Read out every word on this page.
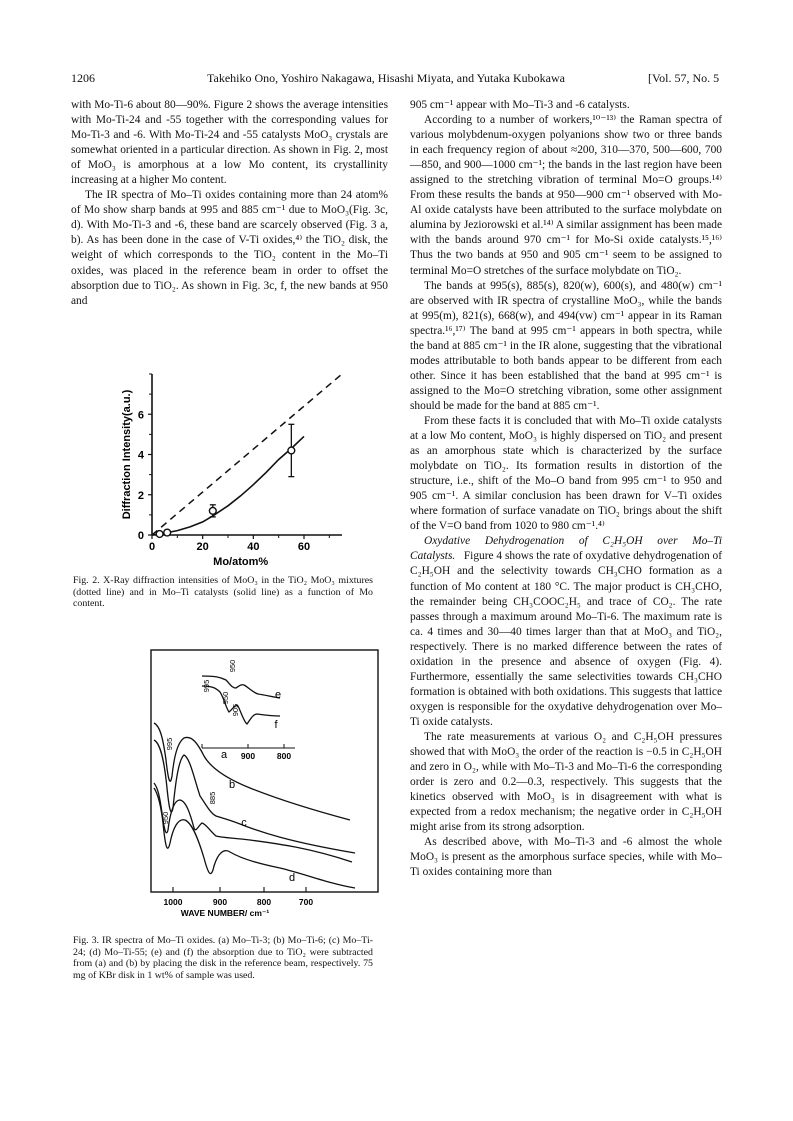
1206	Takehiko Ono, Yoshiro Nakagawa, Hisashi Miyata, and Yutaka Kubokawa	[Vol. 57, No. 5

with Mo-Ti-6 about 80—90%. Figure 2 shows the average intensities with Mo-Ti-24 and -55 together with the corresponding values for Mo-Ti-3 and -6. With Mo-Ti-24 and -55 catalysts MoO₃ crystals are somewhat oriented in a particular direction. As shown in Fig. 2, most of MoO₃ is amorphous at a low Mo content, its crystallinity increasing at a higher Mo content.

The IR spectra of Mo–Ti oxides containing more than 24 atom% of Mo show sharp bands at 995 and 885 cm⁻¹ due to MoO₃(Fig. 3c, d). With Mo-Ti-3 and -6, these band are scarcely observed (Fig. 3 a, b). As has been done in the case of V-Ti oxides,⁴⁾ the TiO₂ disk, the weight of which corresponds to the TiO₂ content in the Mo–Ti oxides, was placed in the reference beam in order to offset the absorption due to TiO₂. As shown in Fig. 3c, f, the new bands at 950 and

0	20	40	60
0
2
4
6
Mo/atom%
Diffraction Intensity(a.u.)

Fig. 2. X-Ray diffraction intensities of MoO₃ in the TiO₂ MoO₃ mixtures (dotted line) and in Mo–Ti catalysts (solid line) as a function of Mo content.

1000	900	800	700
WAVE NUMBER/ cm⁻¹
900	800
a
b
c
d
e
f
995
950
885
995
950
905
950

Fig. 3. IR spectra of Mo–Ti oxides. (a) Mo–Ti-3; (b) Mo–Ti-6; (c) Mo–Ti-24; (d) Mo–Ti-55; (e) and (f) the absorption due to TiO₂ were subtracted from (a) and (b) by placing the disk in the reference beam, respectively. 75 mg of KBr disk in 1 wt% of sample was used.

905 cm⁻¹ appear with Mo–Ti-3 and -6 catalysts.

According to a number of workers,¹⁰⁻¹³⁾ the Raman spectra of various molybdenum-oxygen polyanions show two or three bands in each frequency region of about ≈200, 310—370, 500—600, 700—850, and 900—1000 cm⁻¹; the bands in the last region have been assigned to the stretching vibration of terminal Mo=O groups.¹⁴⁾ From these results the bands at 950—900 cm⁻¹ observed with Mo-Al oxide catalysts have been attributed to the surface molybdate on alumina by Jeziorowski et al.¹⁴⁾ A similar assignment has been made with the bands around 970 cm⁻¹ for Mo-Si oxide catalysts.¹⁵,¹⁶⁾ Thus the two bands at 950 and 905 cm⁻¹ seem to be assigned to terminal Mo=O stretches of the surface molybdate on TiO₂.

The bands at 995(s), 885(s), 820(w), 600(s), and 480(w) cm⁻¹ are observed with IR spectra of crystalline MoO₃, while the bands at 995(m), 821(s), 668(w), and 494(vw) cm⁻¹ appear in its Raman spectra.¹⁶,¹⁷⁾ The band at 995 cm⁻¹ appears in both spectra, while the band at 885 cm⁻¹ in the IR alone, suggesting that the vibrational modes attributable to both bands appear to be different from each other. Since it has been established that the band at 995 cm⁻¹ is assigned to the Mo=O stretching vibration, some other assignment should be made for the band at 885 cm⁻¹.

From these facts it is concluded that with Mo–Ti oxide catalysts at a low Mo content, MoO₃ is highly dispersed on TiO₂ and present as an amorphous state which is characterized by the surface molybdate on TiO₂. Its formation results in distortion of the structure, i.e., shift of the Mo–O band from 995 cm⁻¹ to 950 and 905 cm⁻¹. A similar conclusion has been drawn for V–Ti oxides where formation of surface vanadate on TiO₂ brings about the shift of the V=O band from 1020 to 980 cm⁻¹.⁴⁾

Oxydative Dehydrogenation of C₂H₅OH over Mo–Ti Catalysts. Figure 4 shows the rate of oxydative dehydrogenation of C₂H₅OH and the selectivity towards CH₃CHO formation as a function of Mo content at 180 °C. The major product is CH₃CHO, the remainder being CH₃COOC₂H₅ and trace of CO₂. The rate passes through a maximum around Mo–Ti-6. The maximum rate is ca. 4 times and 30—40 times larger than that at MoO₃ and TiO₂, respectively. There is no marked difference between the rates of oxidation in the presence and absence of oxygen (Fig. 4). Furthermore, essentially the same selectivities towards CH₃CHO formation is obtained with both oxidations. This suggests that lattice oxygen is responsible for the oxydative dehydrogenation over Mo–Ti oxide catalysts.

The rate measurements at various O₂ and C₂H₅OH pressures showed that with MoO₃ the order of the reaction is −0.5 in C₂H₅OH and zero in O₂, while with Mo–Ti-3 and Mo–Ti-6 the corresponding order is zero and 0.2—0.3, respectively. This suggests that the kinetics observed with MoO₃ is in disagreement with what is expected from a redox mechanism; the negative order in C₂H₅OH might arise from its strong adsorption.

As described above, with Mo–Ti-3 and -6 almost the whole MoO₃ is present as the amorphous surface species, while with Mo–Ti oxides containing more than
